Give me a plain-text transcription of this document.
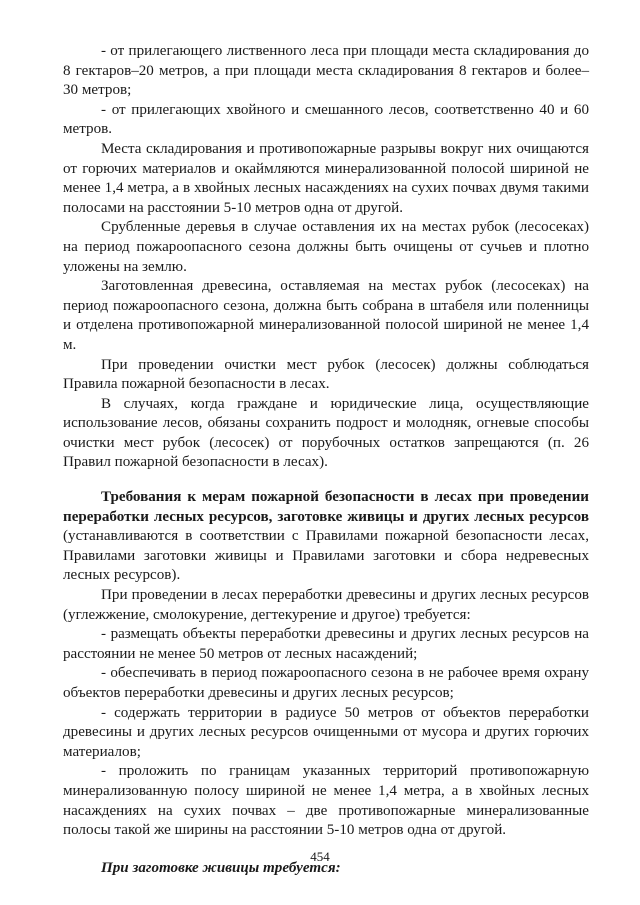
- от прилегающего лиственного леса при площади места складирования до 8 гектаров–20 метров, а при площади места складирования 8 гектаров и более–30 метров;

- от прилегающих хвойного и смешанного лесов, соответственно 40 и 60 метров.

Места складирования и противопожарные разрывы вокруг них очищаются от горючих материалов и окаймляются минерализованной полосой шириной не менее 1,4 метра, а в хвойных лесных насаждениях на сухих почвах двумя такими полосами на расстоянии 5-10 метров одна от другой.

Срубленные деревья в случае оставления их на местах рубок (лесосеках) на период пожароопасного сезона должны быть очищены от сучьев и плотно уложены на землю.

Заготовленная древесина, оставляемая на местах рубок (лесосеках) на период пожароопасного сезона, должна быть собрана в штабеля или поленницы и отделена противопожарной минерализованной полосой шириной не менее 1,4 м.

При проведении очистки мест рубок (лесосек) должны соблюдаться Правила пожарной безопасности в лесах.

В случаях, когда граждане и юридические лица, осуществляющие использование лесов, обязаны сохранить подрост и молодняк, огневые способы очистки мест рубок (лесосек) от порубочных остатков запрещаются (п. 26 Правил пожарной безопасности в лесах).

Требования к мерам пожарной безопасности в лесах при проведении переработки лесных ресурсов, заготовке живицы и других лесных ресурсов (устанавливаются в соответствии с Правилами пожарной безопасности лесах, Правилами заготовки живицы и Правилами заготовки и сбора недревесных лесных ресурсов).

При проведении в лесах переработки древесины и других лесных ресурсов (углежжение, смолокурение, дегтекурение и другое) требуется:

- размещать объекты переработки древесины и других лесных ресурсов на расстоянии не менее 50 метров от лесных насаждений;

- обеспечивать в период пожароопасного сезона в не рабочее время охрану объектов переработки древесины и других лесных ресурсов;

- содержать территории в радиусе 50 метров от объектов переработки древесины и других лесных ресурсов очищенными от мусора и других горючих материалов;

- проложить по границам указанных территорий противопожарную минерализованную полосу шириной не менее 1,4 метра, а в хвойных лесных насаждениях на сухих почвах – две противопожарные минерализованные полосы такой же ширины на расстоянии 5-10 метров одна от другой.

При заготовке живицы требуется:

454
